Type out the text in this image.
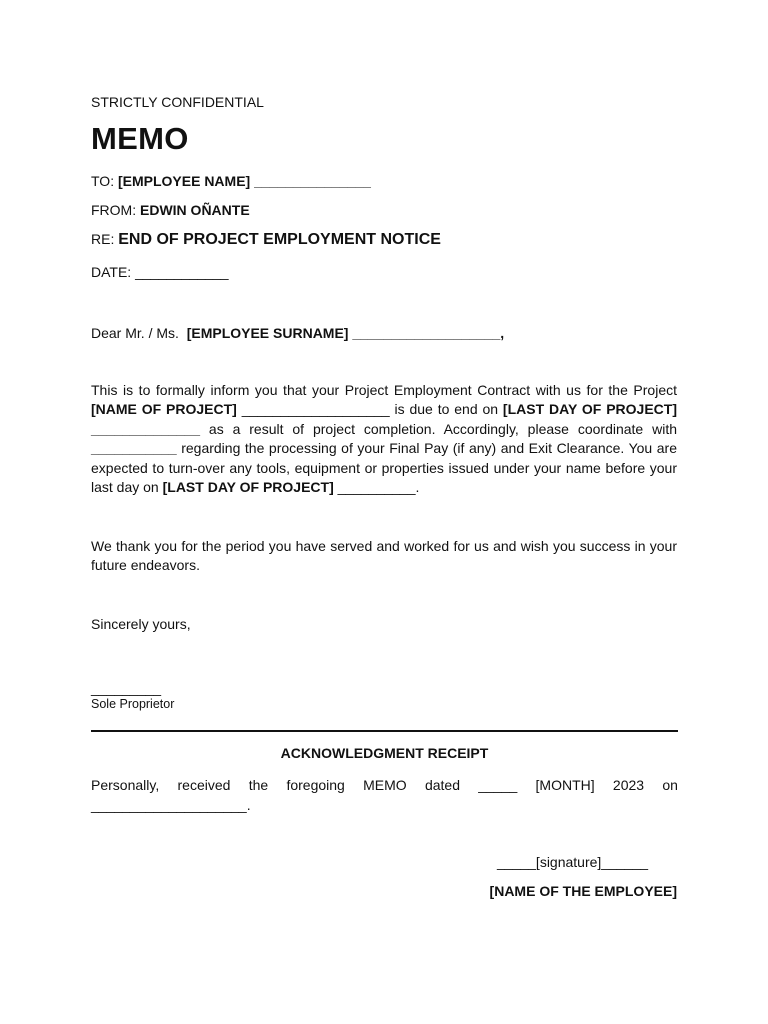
STRICTLY CONFIDENTIAL
MEMO
TO: [EMPLOYEE NAME] _______________
FROM: EDWIN OÑANTE
RE: END OF PROJECT EMPLOYMENT NOTICE
DATE: ____________
Dear Mr. / Ms. [EMPLOYEE SURNAME] ___________________,
This is to formally inform you that your Project Employment Contract with us for the Project [NAME OF PROJECT] ___________________ is due to end on [LAST DAY OF PROJECT] ______________ as a result of project completion. Accordingly, please coordinate with ___________ regarding the processing of your Final Pay (if any) and Exit Clearance. You are expected to turn-over any tools, equipment or properties issued under your name before your last day on [LAST DAY OF PROJECT] __________.
We thank you for the period you have served and worked for us and wish you success in your future endeavors.
Sincerely yours,
_________
Sole Proprietor
ACKNOWLEDGMENT RECEIPT
Personally, received the foregoing MEMO dated _____ [MONTH] 2023 on
____________________.
_____[signature]______
[NAME OF THE EMPLOYEE]
